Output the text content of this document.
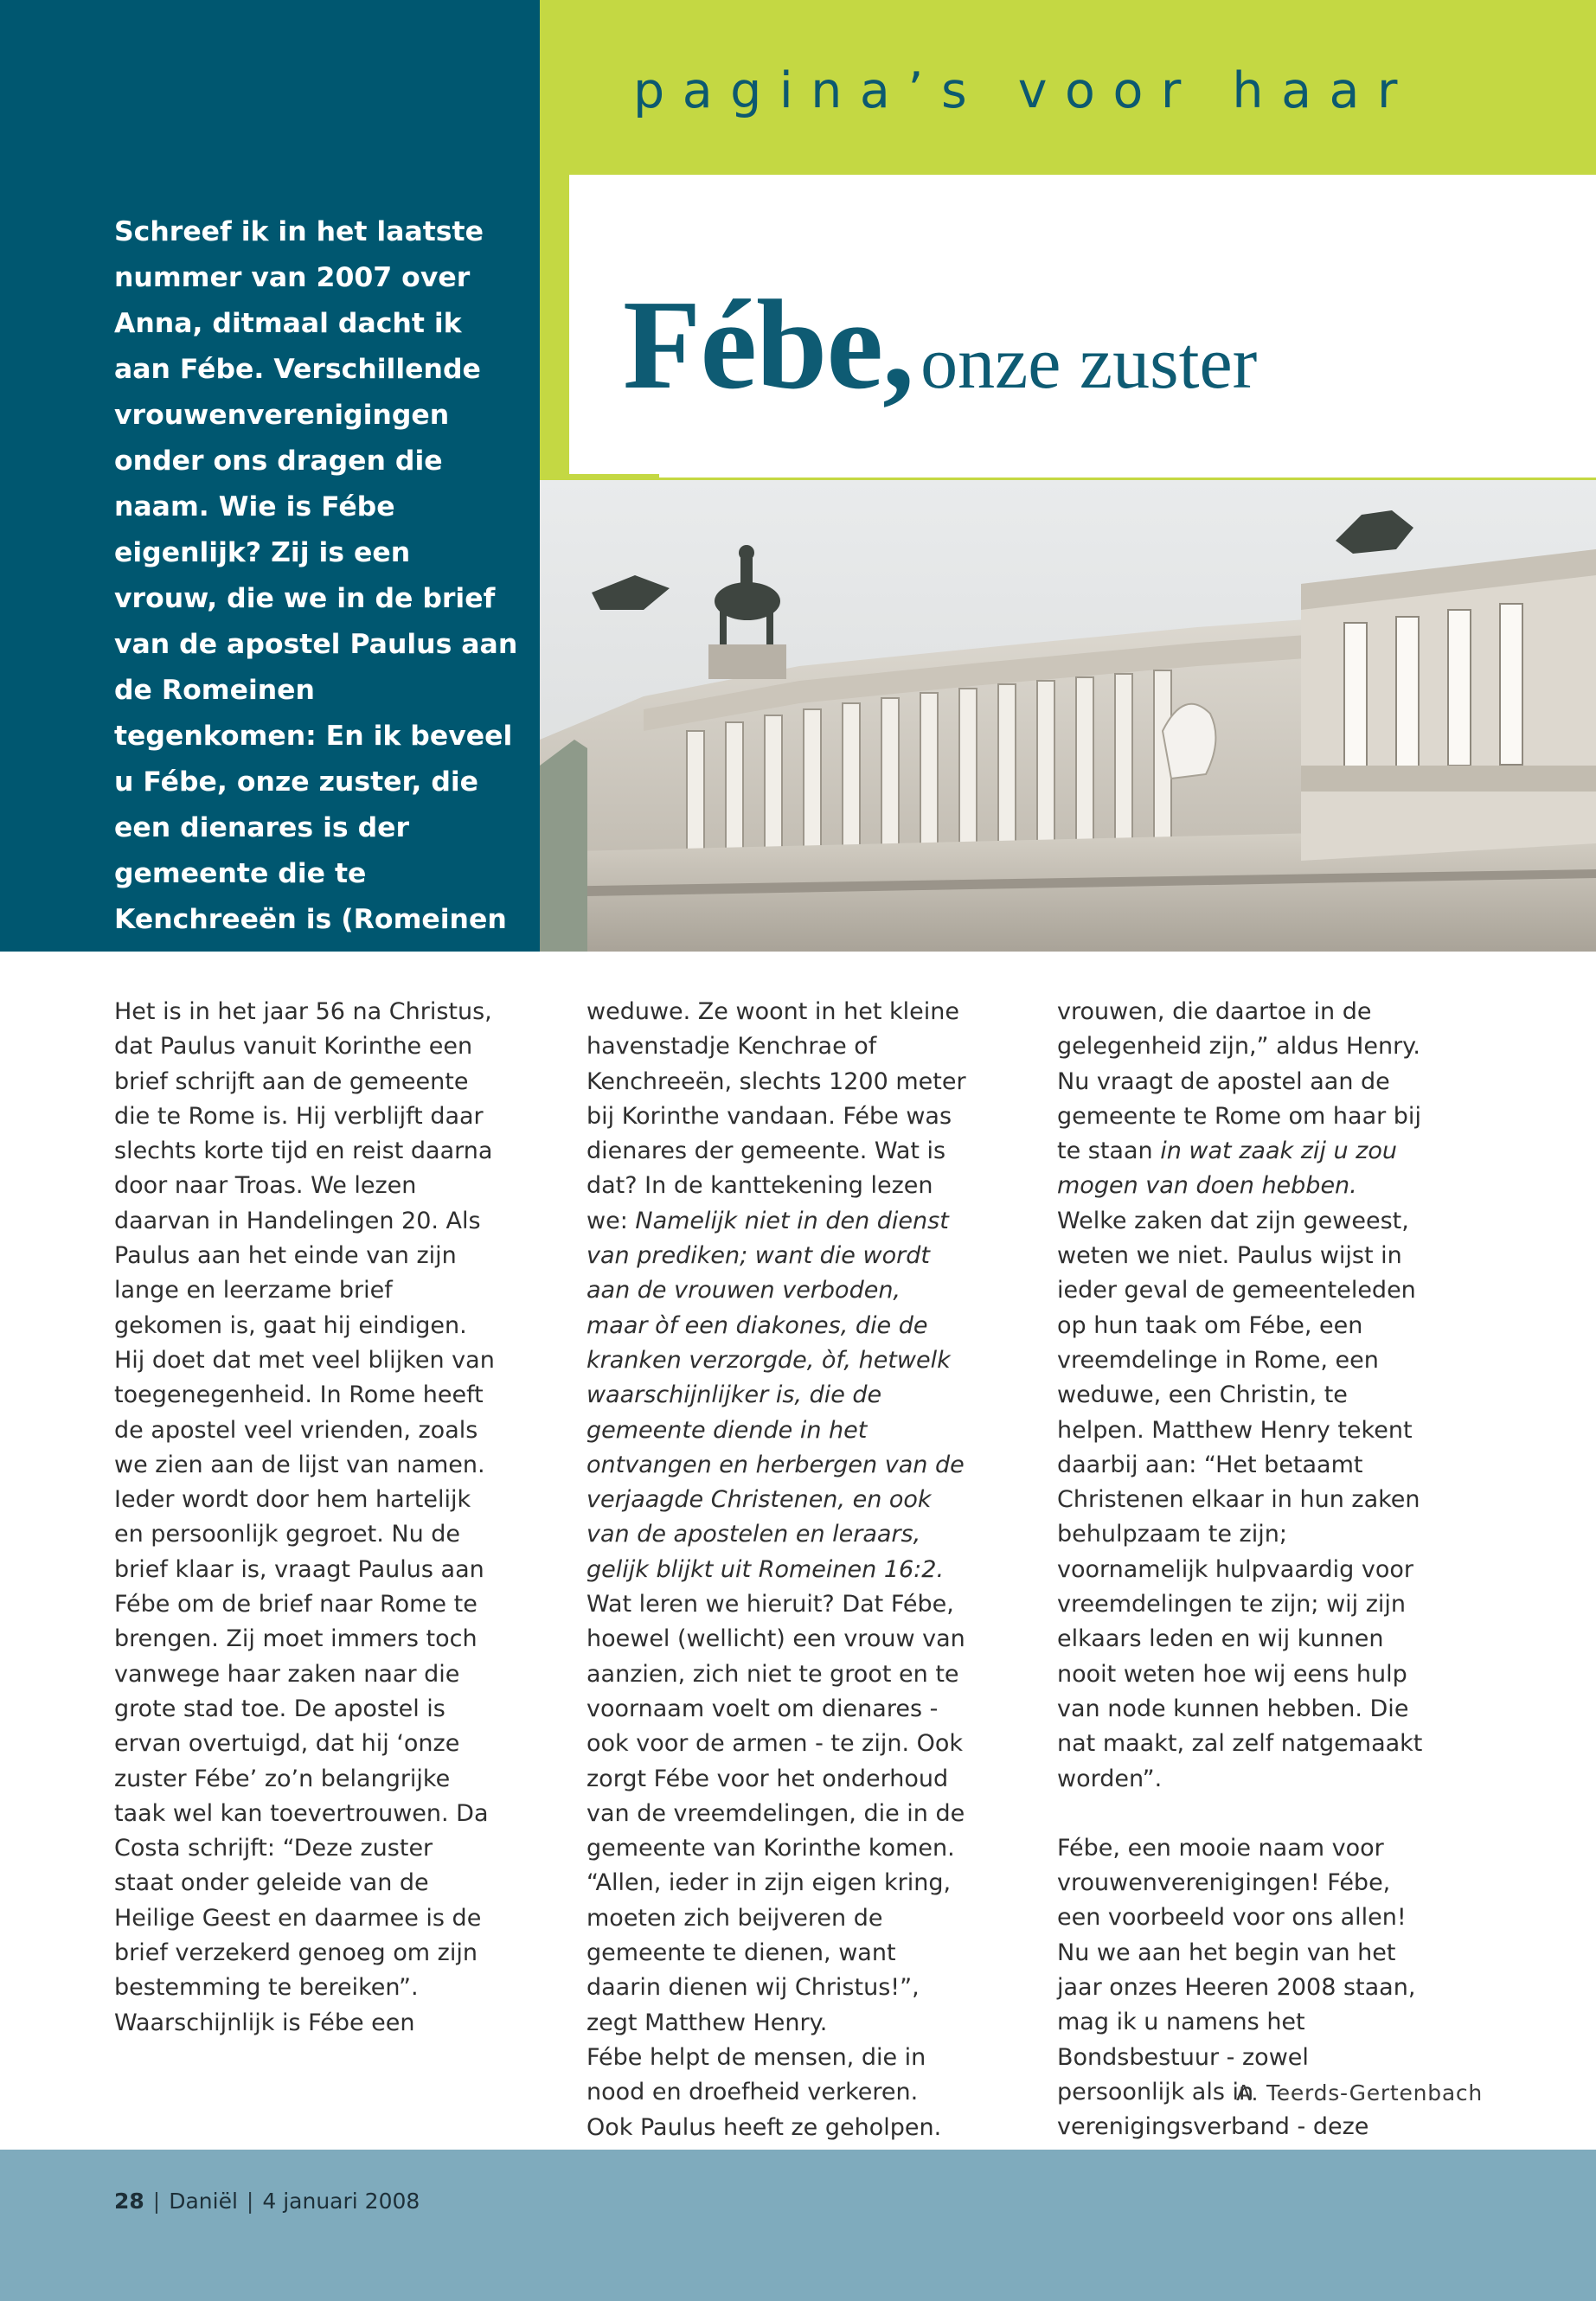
pagina’s voor haar
Fébe,onze zuster

Schreef ik in het laatste nummer van 2007 over Anna, ditmaal dacht ik aan Fébe. Verschillende vrouwenverenigingen onder ons dragen die naam. Wie is Fébe eigenlijk? Zij is een vrouw, die we in de brief van de apostel Paulus aan de Romeinen tegenkomen: En ik beveel u Fébe, onze zuster, die een dienares is der gemeente die te Kenchreeën is (Romeinen 16:1).

Het is in het jaar 56 na Christus, dat Paulus vanuit Korinthe een brief schrijft aan de gemeente die te Rome is. Hij verblijft daar slechts korte tijd en reist daarna door naar Troas. We lezen daarvan in Handelingen 20. Als Paulus aan het einde van zijn lange en leerzame brief gekomen is, gaat hij eindigen. Hij doet dat met veel blijken van toegenegenheid. In Rome heeft de apostel veel vrienden, zoals we zien aan de lijst van namen. Ieder wordt door hem hartelijk en persoonlijk gegroet. Nu de brief klaar is, vraagt Paulus aan Fébe om de brief naar Rome te brengen. Zij moet immers toch vanwege haar zaken naar die grote stad toe. De apostel is ervan overtuigd, dat hij ‘onze zuster Fébe’ zo’n belangrijke taak wel kan toevertrouwen. Da Costa schrijft: “Deze zuster staat onder geleide van de Heilige Geest en daarmee is de brief verzekerd genoeg om zijn bestemming te bereiken”. Waarschijnlijk is Fébe een

weduwe. Ze woont in het kleine havenstadje Kenchrae of Kenchreeën, slechts 1200 meter bij Korinthe vandaan. Fébe was dienares der gemeente. Wat is dat? In de kanttekening lezen we: Namelijk niet in den dienst van prediken; want die wordt aan de vrouwen verboden, maar òf een diakones, die de kranken verzorgde, òf, hetwelk waarschijnlijker is, die de gemeente diende in het ontvangen en herbergen van de verjaagde Christenen, en ook van de apostelen en leraars, gelijk blijkt uit Romeinen 16:2.

Wat leren we hieruit? Dat Fébe, hoewel (wellicht) een vrouw van aanzien, zich niet te groot en te voornaam voelt om dienares - ook voor de armen - te zijn. Ook zorgt Fébe voor het onderhoud van de vreemdelingen, die in de gemeente van Korinthe komen. “Allen, ieder in zijn eigen kring, moeten zich beijveren de gemeente te dienen, want daarin dienen wij Christus!”, zegt Matthew Henry.

Fébe helpt de mensen, die in nood en droefheid verkeren. Ook Paulus heeft ze geholpen.

vrouwen, die daartoe in de gelegenheid zijn,” aldus Henry. Nu vraagt de apostel aan de gemeente te Rome om haar bij te staan in wat zaak zij u zou mogen van doen hebben.

Welke zaken dat zijn geweest, weten we niet. Paulus wijst in ieder geval de gemeenteleden op hun taak om Fébe, een vreemdelinge in Rome, een weduwe, een Christin, te helpen. Matthew Henry tekent daarbij aan: “Het betaamt Christenen elkaar in hun zaken behulpzaam te zijn; voornamelijk hulpvaardig voor vreemdelingen te zijn; wij zijn elkaars leden en wij kunnen nooit weten hoe wij eens hulp van node kunnen hebben. Die nat maakt, zal zelf natgemaakt worden”.

Fébe, een mooie naam voor vrouwenverenigingen! Fébe, een voorbeeld voor ons allen! Nu we aan het begin van het jaar onzes Heeren 2008 staan, mag ik u namens het Bondsbestuur - zowel persoonlijk als in verenigingsverband - deze

A. Teerds-Gertenbach
28 | Daniël | 4 januari 2008
